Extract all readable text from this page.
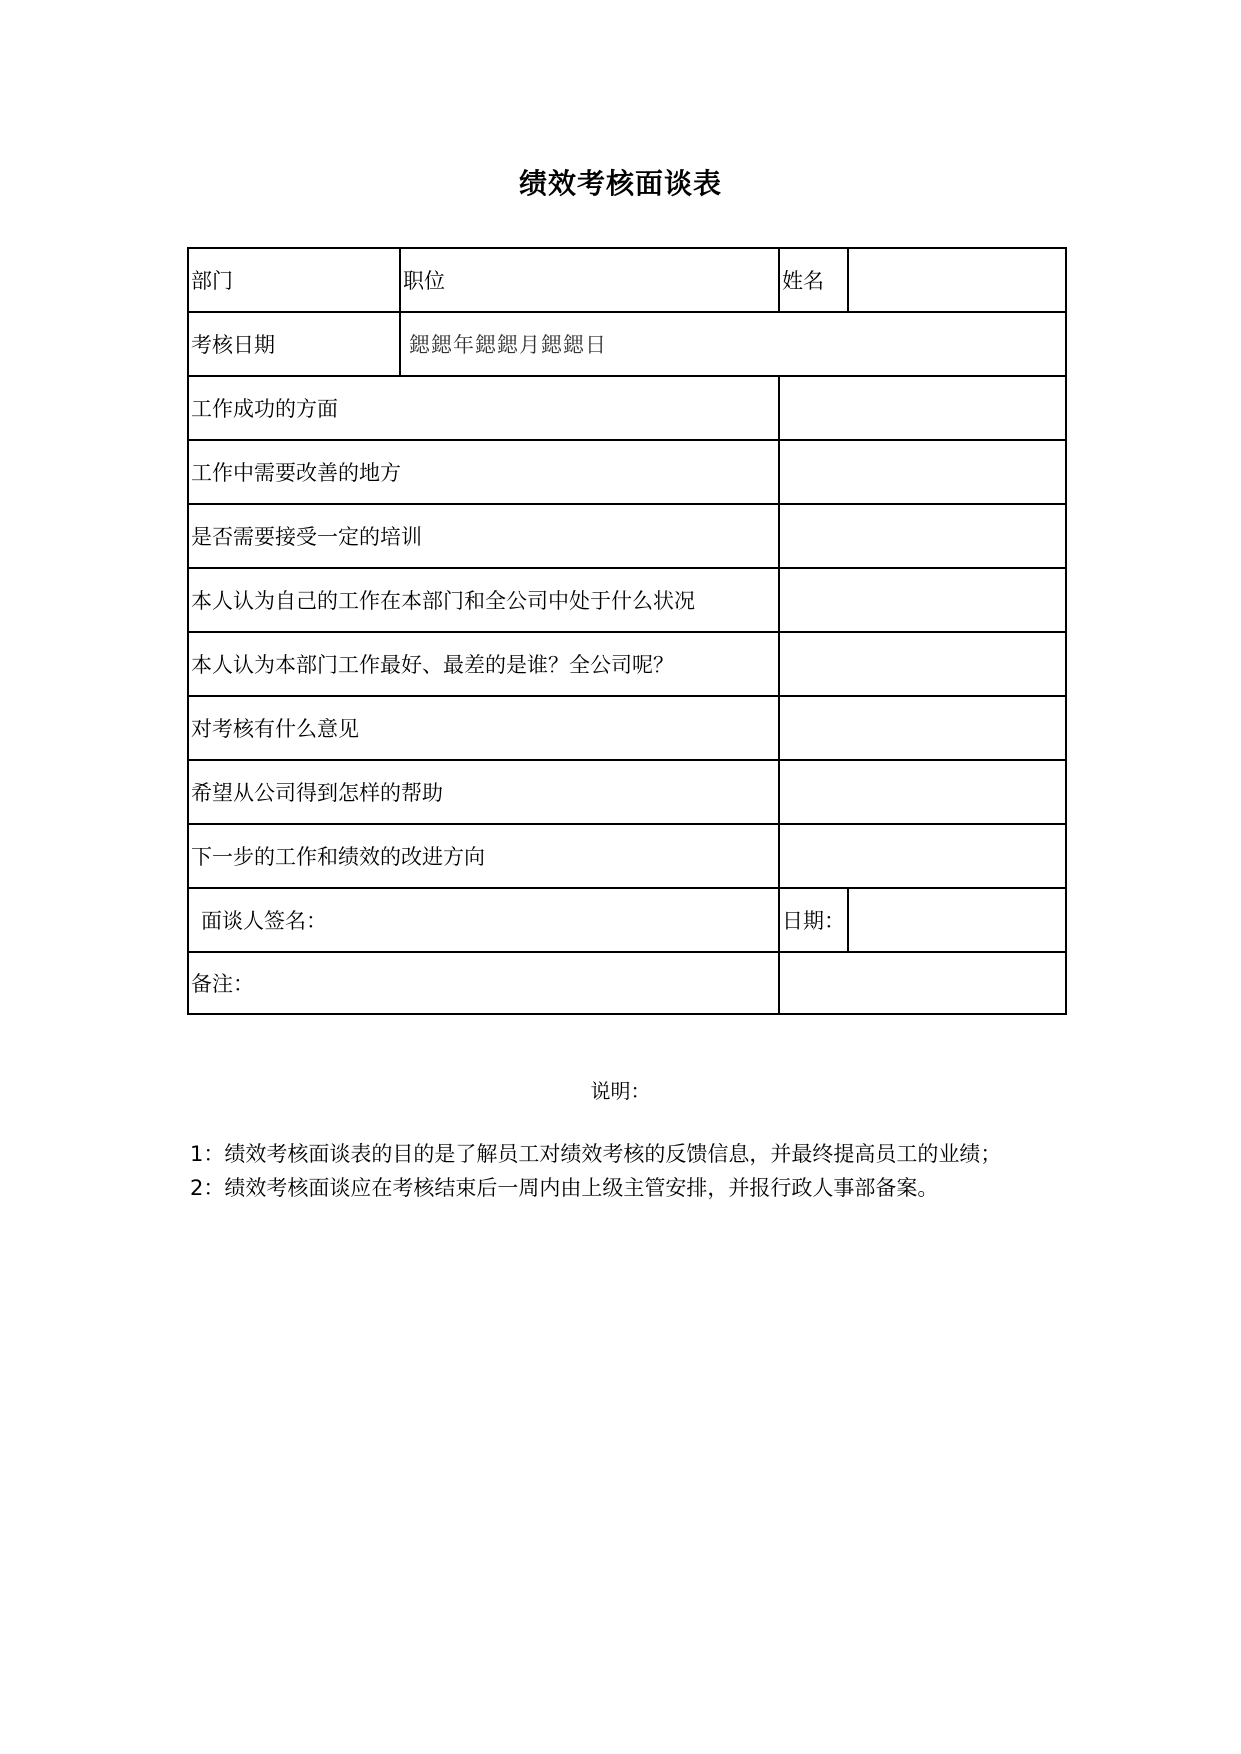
绩效考核面谈表
部门	职位	姓名	
考核日期	鍶鍶年鍶鍶月鍶鍶日		
工作成功的方面			
工作中需要改善的地方			
是否需要接受一定的培训			
本人认为自己的工作在本部门和全公司中处于什么状况			
本人认为本部门工作最好、最差的是谁？全公司呢？			
对考核有什么意见			
希望从公司得到怎样的帮助			
下一步的工作和绩效的改进方向			
面谈人签名：		日期：	
备注：			
说明：
1：绩效考核面谈表的目的是了解员工对绩效考核的反馈信息，并最终提高员工的业绩；
2：绩效考核面谈应在考核结束后一周内由上级主管安排，并报行政人事部备案。
